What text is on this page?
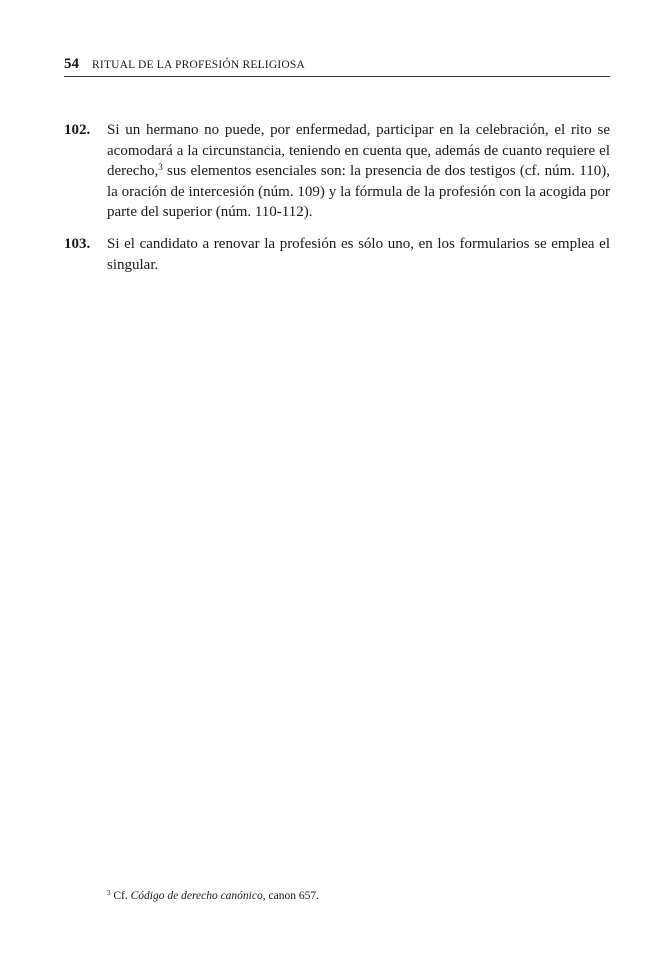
54 RITUAL DE LA PROFESIÓN RELIGIOSA
102. Si un hermano no puede, por enfermedad, participar en la celebración, el rito se acomodará a la circunstancia, teniendo en cuenta que, además de cuanto requiere el derecho,$^3$ sus elementos esenciales son: la presencia de dos testigos (cf. núm. 110), la oración de intercesión (núm. 109) y la fórmula de la profesión con la acogida por parte del superior (núm. 110-112).
103. Si el candidato a renovar la profesión es sólo uno, en los formularios se emplea el singular.
$^3$ Cf. Código de derecho canónico, canon 657.
